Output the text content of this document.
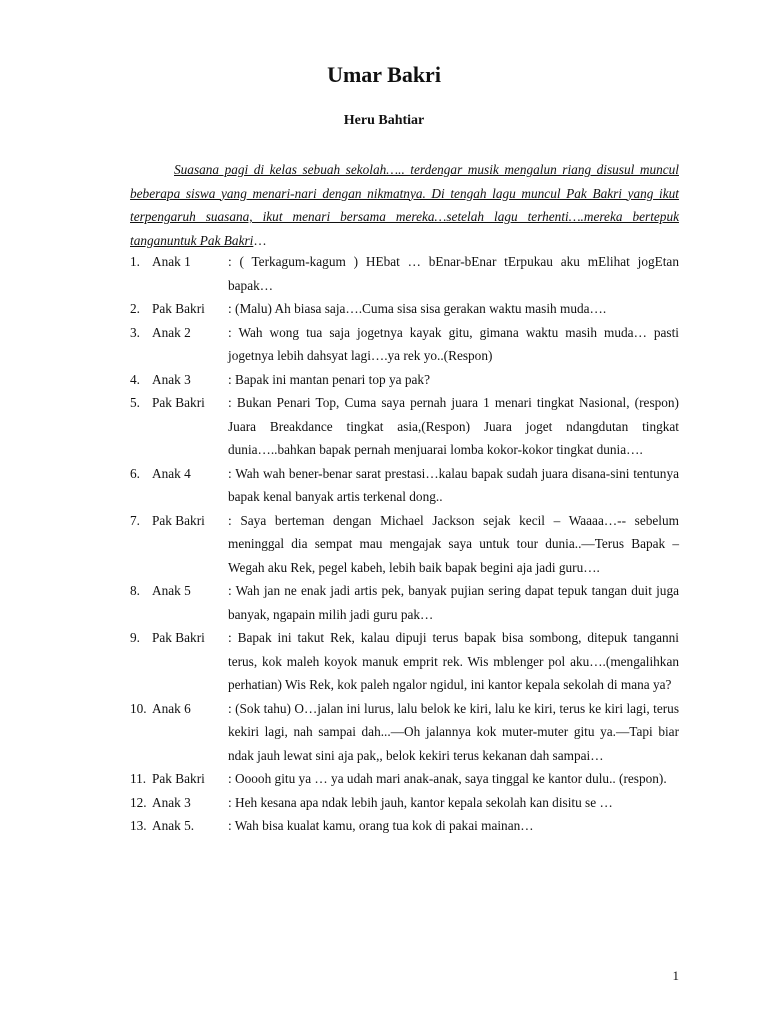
Umar Bakri
Heru Bahtiar

Suasana pagi di kelas sebuah sekolah….. terdengar musik mengalun riang disusul muncul beberapa siswa yang menari-nari dengan nikmatnya. Di tengah lagu muncul Pak Bakri yang ikut terpengaruh suasana, ikut menari bersama mereka…setelah lagu terhenti….mereka bertepuk tanganuntuk Pak Bakri…

1. Anak 1	: ( Terkagum-kagum ) HEbat … bEnar-bEnar tErpukau aku mElihat jogEtan bapak…
2. Pak Bakri : (Malu) Ah biasa saja….Cuma sisa sisa gerakan waktu masih muda….
3. Anak 2	: Wah wong tua saja jogetnya kayak gitu, gimana waktu masih muda… pasti jogetnya lebih dahsyat lagi….ya rek yo..(Respon)
4. Anak 3	: Bapak ini mantan penari top ya pak?
5. Pak Bakri : Bukan Penari Top, Cuma saya pernah juara 1 menari tingkat Nasional, (respon) Juara Breakdance tingkat asia,(Respon) Juara joget ndangdutan tingkat dunia…..bahkan bapak pernah menjuarai lomba kokor-kokor tingkat dunia….
6. Anak 4	: Wah wah bener-benar sarat prestasi…kalau bapak sudah juara disana-sini tentunya bapak kenal banyak artis terkenal dong..
7. Pak Bakri : Saya berteman dengan Michael Jackson sejak kecil – Waaaa…-- sebelum meninggal dia sempat mau mengajak saya untuk tour dunia..—Terus Bapak – Wegah aku Rek, pegel kabeh, lebih baik bapak begini aja jadi guru….
8. Anak 5	: Wah jan ne enak jadi artis pek, banyak pujian sering dapat tepuk tangan duit juga banyak, ngapain milih jadi guru pak…
9. Pak Bakri : Bapak ini takut Rek, kalau dipuji terus bapak bisa sombong, ditepuk tanganni terus, kok maleh koyok manuk emprit rek. Wis mblenger pol aku….(mengalihkan perhatian) Wis Rek, kok paleh ngalor ngidul, ini kantor kepala sekolah di mana ya?
10. Anak 6	: (Sok tahu) O…jalan ini lurus, lalu belok ke kiri, lalu ke kiri, terus ke kiri lagi, terus kekiri lagi, nah sampai dah...—Oh jalannya kok muter-muter gitu ya.—Tapi biar ndak jauh lewat sini aja pak,, belok kekiri terus kekanan dah sampai…
11. Pak Bakri : Ooooh gitu ya … ya udah mari anak-anak, saya tinggal ke kantor dulu.. (respon).
12. Anak 3	: Heh kesana apa ndak lebih jauh, kantor kepala sekolah kan disitu se …
13. Anak 5.	: Wah bisa kualat kamu, orang tua kok di pakai mainan…
1
